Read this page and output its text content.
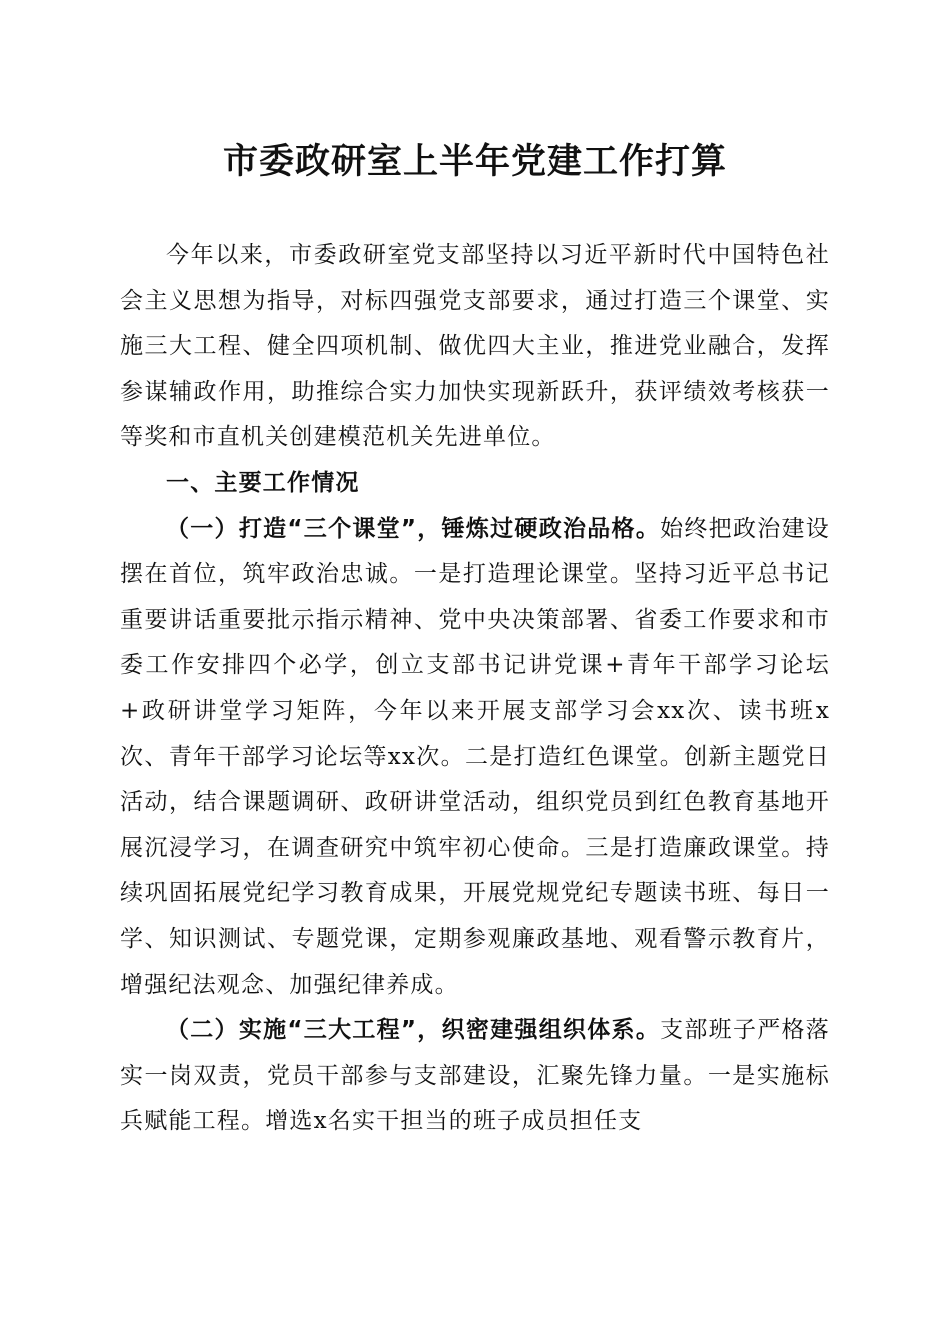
市委政研室上半年党建工作打算

今年以来，市委政研室党支部坚持以习近平新时代中国特色社会主义思想为指导，对标四强党支部要求，通过打造三个课堂、实施三大工程、健全四项机制、做优四大主业，推进党业融合，发挥参谋辅政作用，助推综合实力加快实现新跃升，获评绩效考核获一等奖和市直机关创建模范机关先进单位。

一、主要工作情况

（一）打造“三个课堂”，锤炼过硬政治品格。始终把政治建设摆在首位，筑牢政治忠诚。一是打造理论课堂。坚持习近平总书记重要讲话重要批示指示精神、党中央决策部署、省委工作要求和市委工作安排四个必学，创立支部书记讲党课+青年干部学习论坛+政研讲堂学习矩阵，今年以来开展支部学习会xx次、读书班x次、青年干部学习论坛等xx次。二是打造红色课堂。创新主题党日活动，结合课题调研、政研讲堂活动，组织党员到红色教育基地开展沉浸学习，在调查研究中筑牢初心使命。三是打造廉政课堂。持续巩固拓展党纪学习教育成果，开展党规党纪专题读书班、每日一学、知识测试、专题党课，定期参观廉政基地、观看警示教育片，增强纪法观念、加强纪律养成。

（二）实施“三大工程”，织密建强组织体系。支部班子严格落实一岗双责，党员干部参与支部建设，汇聚先锋力量。一是实施标兵赋能工程。增选x名实干担当的班子成员担任支
